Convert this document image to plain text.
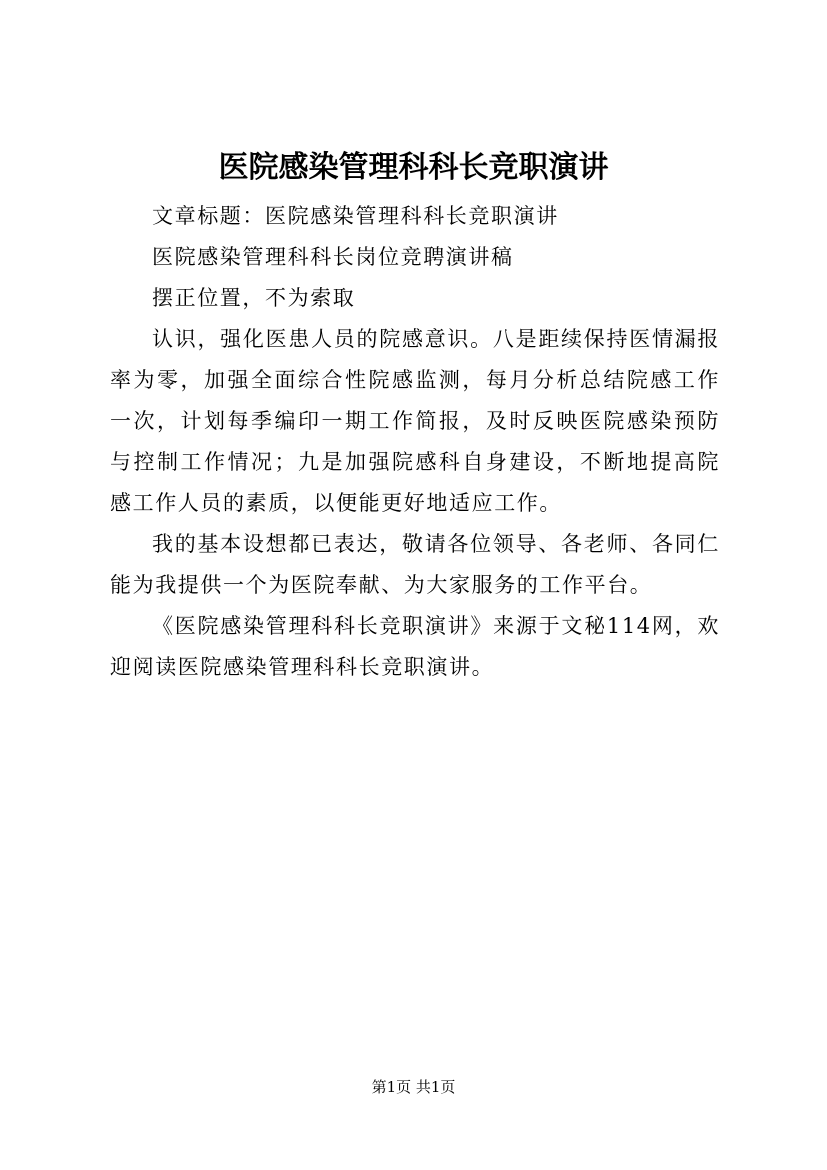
医院感染管理科科长竞职演讲

文章标题：医院感染管理科科长竞职演讲

医院感染管理科科长岗位竞聘演讲稿

摆正位置，不为索取

认识，强化医患人员的院感意识。八是距续保持医情漏报率为零，加强全面综合性院感监测，每月分析总结院感工作一次，计划每季编印一期工作简报，及时反映医院感染预防与控制工作情况；九是加强院感科自身建设，不断地提高院感工作人员的素质，以便能更好地适应工作。

我的基本设想都已表达，敬请各位领导、各老师、各同仁能为我提供一个为医院奉献、为大家服务的工作平台。

《医院感染管理科科长竞职演讲》来源于文秘114网，欢迎阅读医院感染管理科科长竞职演讲。

第1页 共1页
